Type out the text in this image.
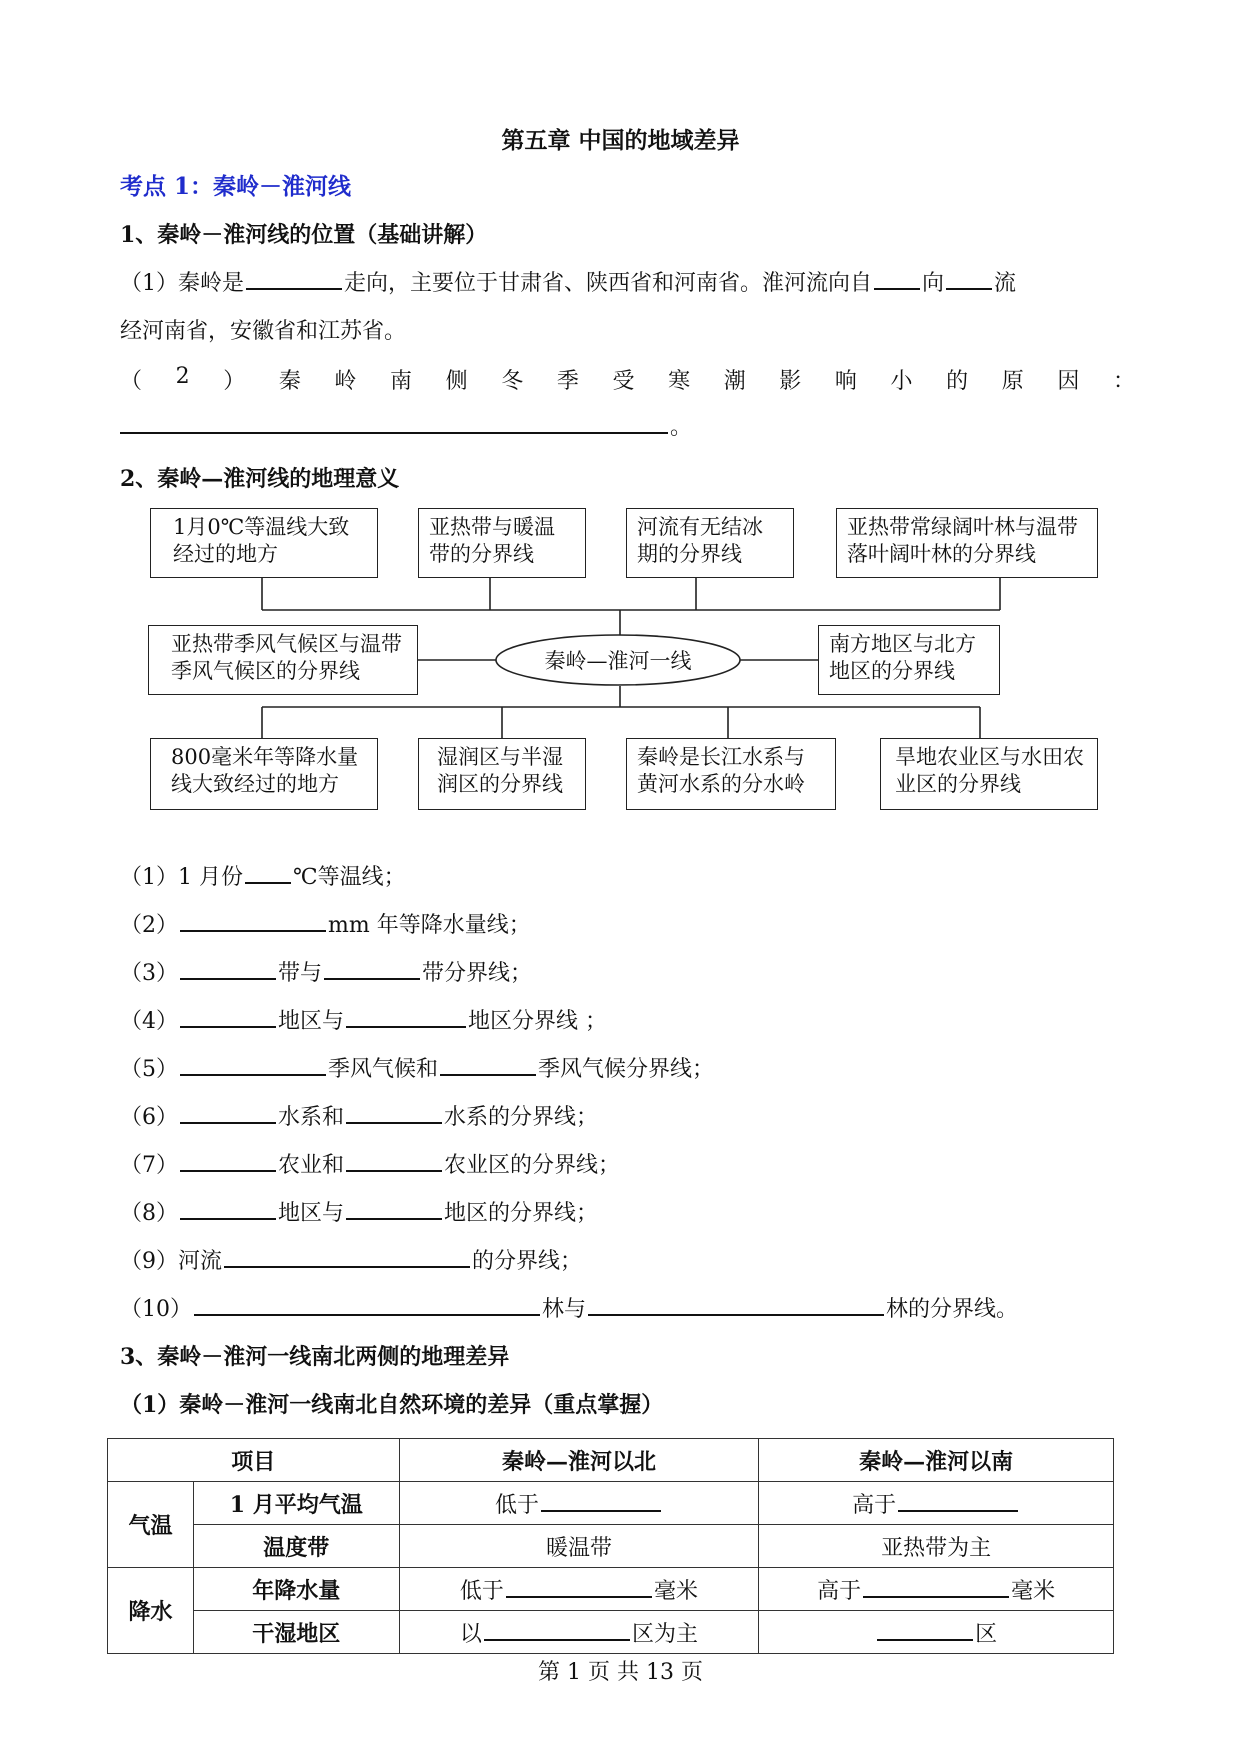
第五章 中国的地域差异
考点 1：秦岭－淮河线
1、秦岭－淮河线的位置（基础讲解）
（1）秦岭是	走向，主要位于甘肃省、陕西省和河南省。淮河流向自 向 流
经河南省，安徽省和江苏省。
（ 2 ） 秦 岭 南 侧 冬 季 受 寒 潮 影 响 小 的 原 因 ：
。
2、秦岭—淮河线的地理意义
秦岭—淮河一线
1月0℃等温线大致经过的地方
亚热带与暖温带的分界线
河流有无结冰期的分界线
亚热带常绿阔叶林与温带落叶阔叶林的分界线
亚热带季风气候区与温带季风气候区的分界线
南方地区与北方地区的分界线
800毫米年等降水量线大致经过的地方
湿润区与半湿润区的分界线
秦岭是长江水系与黄河水系的分水岭
旱地农业区与水田农业区的分界线
（1）1 月份 ℃等温线；
（2）	mm 年等降水量线；
（3）	带与	带分界线；
（4）	地区与	地区分界线 ；
（5）	季风气候和	季风气候分界线；
（6）	水系和	水系的分界线；
（7）	农业和	农业区的分界线；
（8）	地区与	地区的分界线；
（9）河流	的分界线；
（10）	林与	林的分界线。
3、秦岭－淮河一线南北两侧的地理差异
（1）秦岭－淮河一线南北自然环境的差异（重点掌握）
项目		秦岭—淮河以北	秦岭—淮河以南
气温	1 月平均气温	低于	高于
	温度带	暖温带	亚热带为主
降水	年降水量	低于 毫米	高于 毫米
	干湿地区	以 区为主	区
第 1 页 共 13 页
